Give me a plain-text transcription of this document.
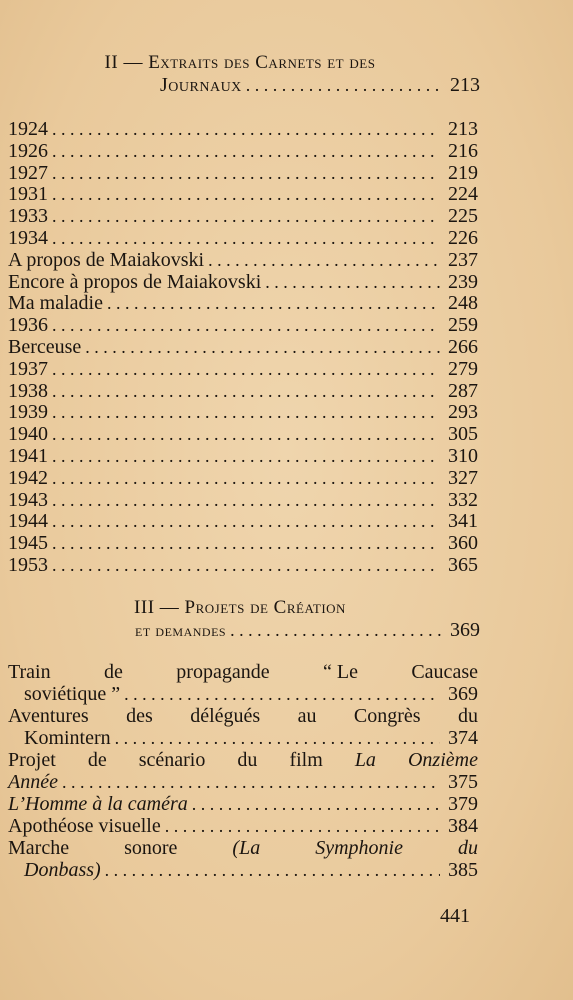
II — Extraits des Carnets et des
Journaux . . .	213
1924 . . .	213
1926 . . .	216
1927 . . .	219
1931 . . .	224
1933 . . .	225
1934 . . .	226
A propos de Maiakovski . . .	237
Encore à propos de Maiakovski . . .	239
Ma maladie . . .	248
1936 . . .	259
Berceuse . . .	266
1937 . . .	279
1938 . . .	287
1939 . . .	293
1940 . . .	305
1941 . . .	310
1942 . . .	327
1943 . . .	332
1944 . . .	341
1945 . . .	360
1953 . . .	365
III — Projets de Création
et demandes . . .	369
Train	de	propagande	“ Le	Caucase
soviétique ” . . .	369
Aventures des délégués au Congrès du
Komintern . . .	374
Projet de scénario du film La Onzième
Année . . .	375
L’Homme à la caméra . . .	379
Apothéose visuelle . . .	384
Marche	sonore	(La	Symphonie	du
Donbass) . . .	385
441
